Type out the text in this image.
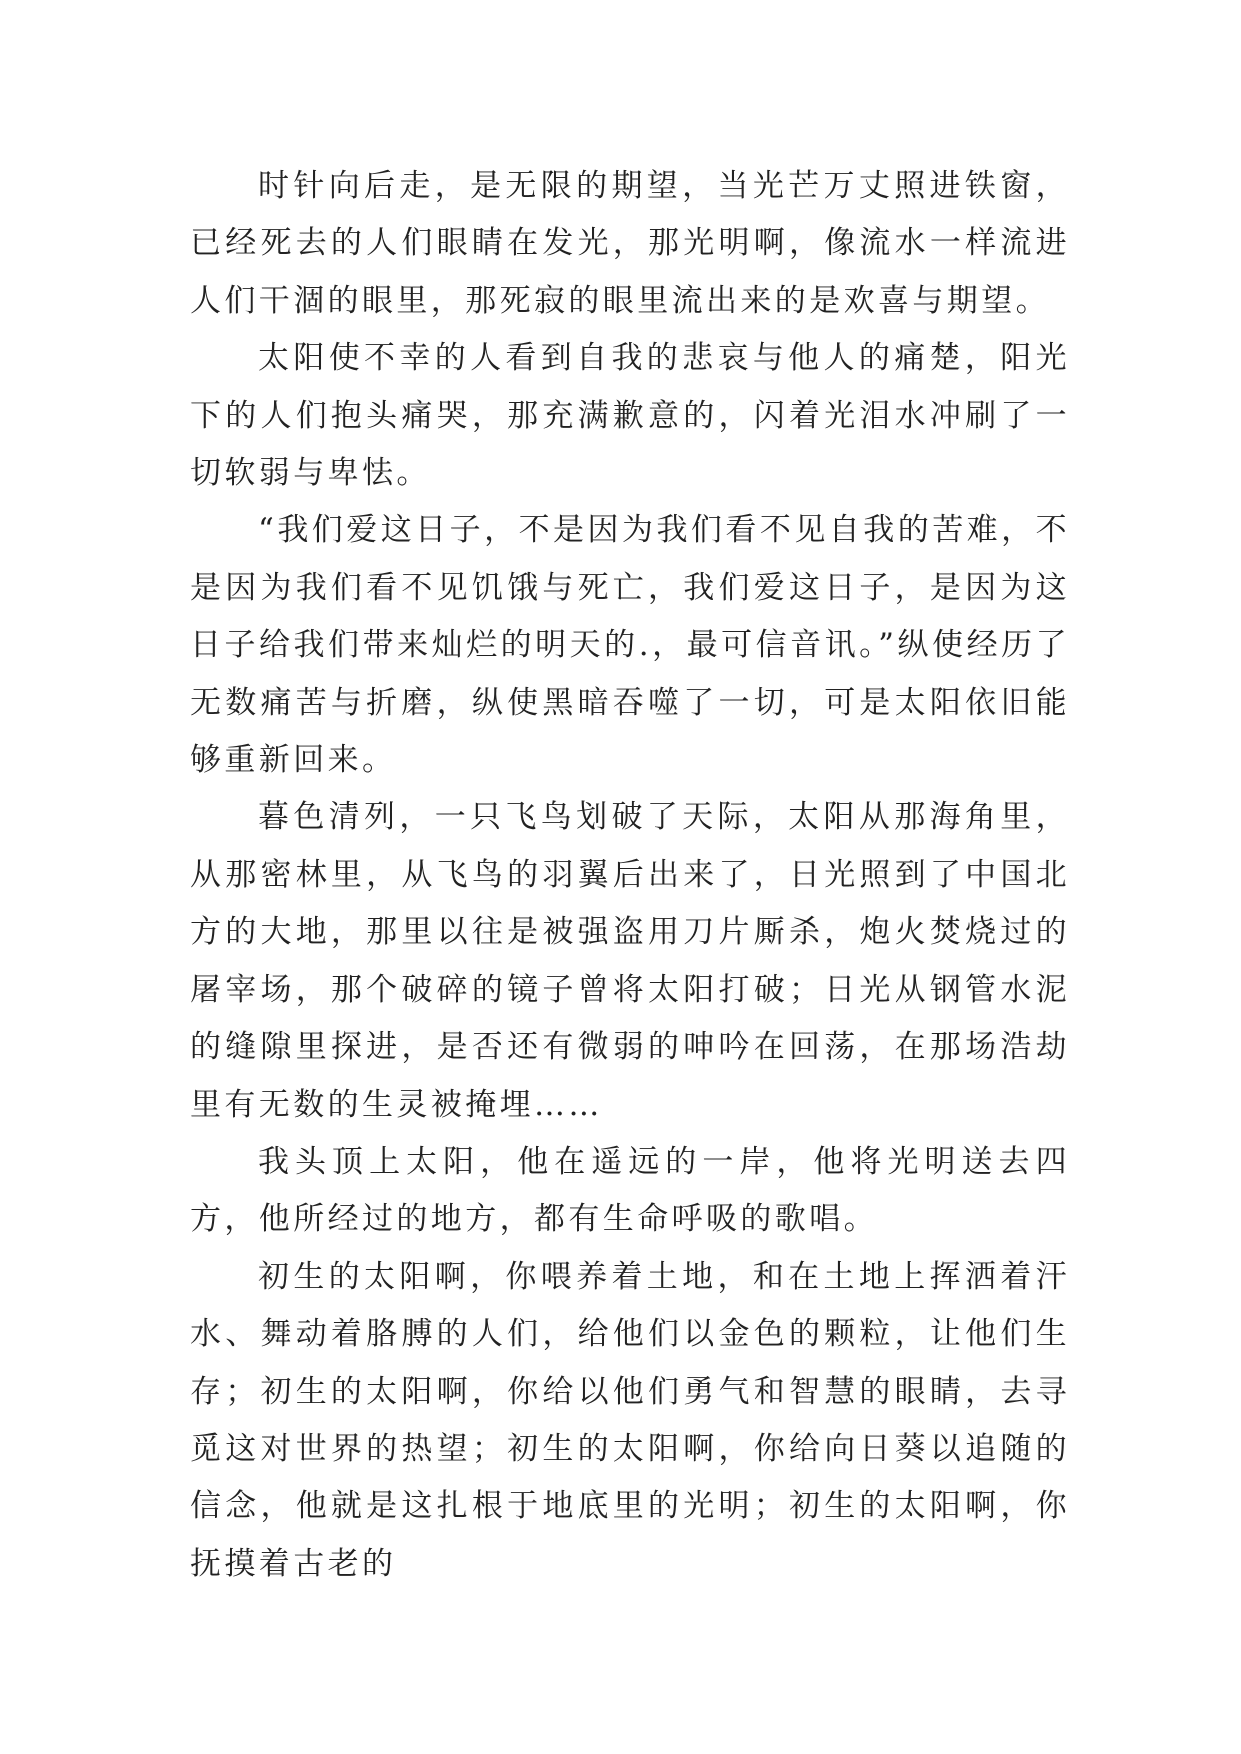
时针向后走，是无限的期望，当光芒万丈照进铁窗，已经死去的人们眼睛在发光，那光明啊，像流水一样流进人们干涸的眼里，那死寂的眼里流出来的是欢喜与期望。

太阳使不幸的人看到自我的悲哀与他人的痛楚，阳光下的人们抱头痛哭，那充满歉意的，闪着光泪水冲刷了一切软弱与卑怯。

“我们爱这日子，不是因为我们看不见自我的苦难，不是因为我们看不见饥饿与死亡，我们爱这日子，是因为这日子给我们带来灿烂的明天的.，最可信音讯。”纵使经历了无数痛苦与折磨，纵使黑暗吞噬了一切，可是太阳依旧能够重新回来。

暮色清列，一只飞鸟划破了天际，太阳从那海角里，从那密林里，从飞鸟的羽翼后出来了，日光照到了中国北方的大地，那里以往是被强盗用刀片厮杀，炮火焚烧过的屠宰场，那个破碎的镜子曾将太阳打破；日光从钢管水泥的缝隙里探进，是否还有微弱的呻吟在回荡，在那场浩劫里有无数的生灵被掩埋……

我头顶上太阳，他在遥远的一岸，他将光明送去四方，他所经过的地方，都有生命呼吸的歌唱。

初生的太阳啊，你喂养着土地，和在土地上挥洒着汗水、舞动着胳膊的人们，给他们以金色的颗粒，让他们生存；初生的太阳啊，你给以他们勇气和智慧的眼睛，去寻觅这对世界的热望；初生的太阳啊，你给向日葵以追随的信念，他就是这扎根于地底里的光明；初生的太阳啊，你抚摸着古老的
